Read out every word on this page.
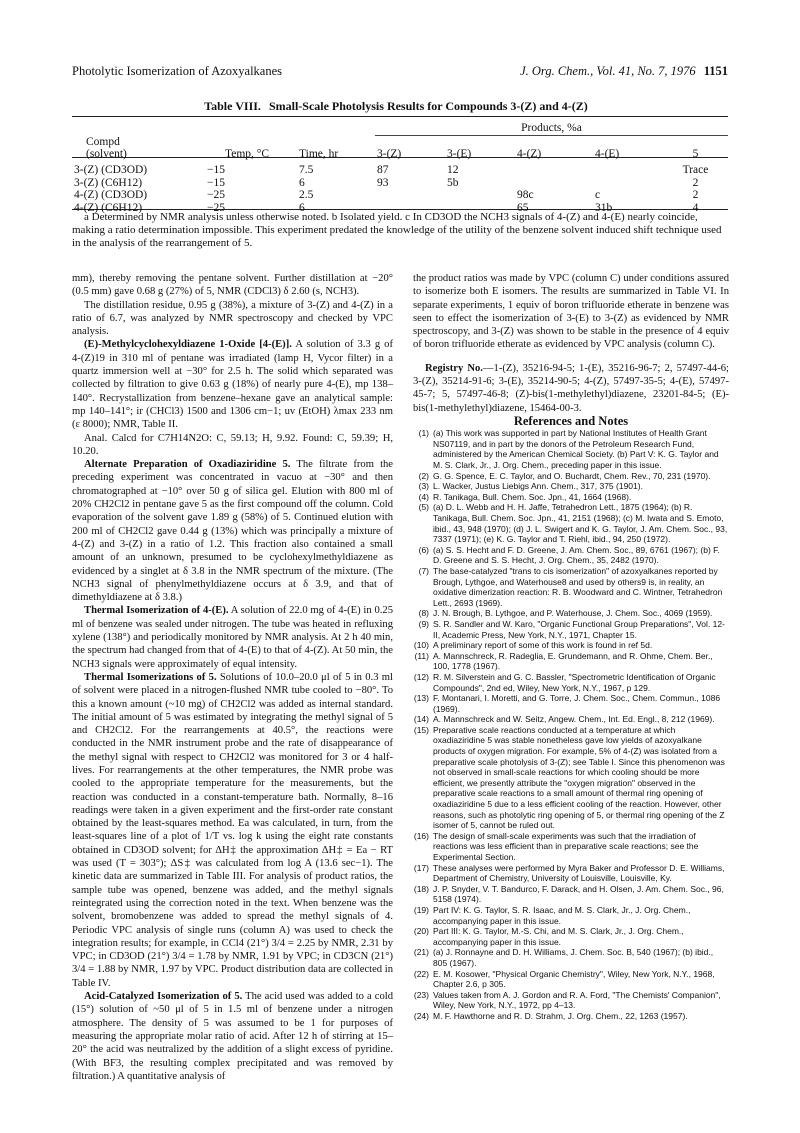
Photolytic Isomerization of Azoxyalkanes	J. Org. Chem., Vol. 41, No. 7, 1976 1151
Table VIII. Small-Scale Photolysis Results for Compounds 3-(Z) and 4-(Z)
			Products, %a				

Compd
(solvent)	Temp, °C	Time, hr	3-(Z)	3-(E)	4-(Z)	4-(E)	5

3-(Z) (CD3OD)	−15	7.5	87	12			Trace
3-(Z) (C6H12)	−15	6	93	5b			2
4-(Z) (CD3OD)	−25	2.5			98c	c	2
4-(Z) (C6H12)	−25	6			65	31b	4
a Determined by NMR analysis unless otherwise noted. b Isolated yield. c In CD3OD the NCH3 signals of 4-(Z) and 4-(E) nearly coincide, making a ratio determination impossible. This experiment predated the knowledge of the utility of the benzene solvent induced shift technique used in the analysis of the rearrangement of 5.

mm), thereby removing the pentane solvent. Further distillation at −20° (0.5 mm) gave 0.68 g (27%) of 5, NMR (CDCl3) δ 2.60 (s, NCH3).

The distillation residue, 0.95 g (38%), a mixture of 3-(Z) and 4-(Z) in a ratio of 6.7, was analyzed by NMR spectroscopy and checked by VPC analysis.

(E)-Methylcyclohexyldiazene 1-Oxide [4-(E)]. A solution of 3.3 g of 4-(Z)19 in 310 ml of pentane was irradiated (lamp H, Vycor filter) in a quartz immersion well at −30° for 2.5 h. The solid which separated was collected by filtration to give 0.63 g (18%) of nearly pure 4-(E), mp 138–140°. Recrystallization from benzene–hexane gave an analytical sample: mp 140–141°; ir (CHCl3) 1500 and 1306 cm−1; uv (EtOH) λmax 233 nm (ε 8000); NMR, Table II.

Anal. Calcd for C7H14N2O: C, 59.13; H, 9.92. Found: C, 59.39; H, 10.20.

Alternate Preparation of Oxadiaziridine 5. The filtrate from the preceding experiment was concentrated in vacuo at −30° and then chromatographed at −10° over 50 g of silica gel. Elution with 800 ml of 20% CH2Cl2 in pentane gave 5 as the first compound off the column. Cold evaporation of the solvent gave 1.89 g (58%) of 5. Continued elution with 200 ml of CH2Cl2 gave 0.44 g (13%) which was principally a mixture of 4-(Z) and 3-(Z) in a ratio of 1.2. This fraction also contained a small amount of an unknown, presumed to be cyclohexylmethyldiazene as evidenced by a singlet at δ 3.8 in the NMR spectrum of the mixture. (The NCH3 signal of phenylmethyldiazene occurs at δ 3.9, and that of dimethyldiazene at δ 3.8.)

Thermal Isomerization of 4-(E). A solution of 22.0 mg of 4-(E) in 0.25 ml of benzene was sealed under nitrogen. The tube was heated in refluxing xylene (138°) and periodically monitored by NMR analysis. At 2 h 40 min, the spectrum had changed from that of 4-(E) to that of 4-(Z). At 50 min, the NCH3 signals were approximately of equal intensity.

Thermal Isomerizations of 5. Solutions of 10.0–20.0 μl of 5 in 0.3 ml of solvent were placed in a nitrogen-flushed NMR tube cooled to −80°. To this a known amount (~10 mg) of CH2Cl2 was added as internal standard. The initial amount of 5 was estimated by integrating the methyl signal of 5 and CH2Cl2. For the rearrangements at 40.5°, the reactions were conducted in the NMR instrument probe and the rate of disappearance of the methyl signal with respect to CH2Cl2 was monitored for 3 or 4 half-lives. For rearrangements at the other temperatures, the NMR probe was cooled to the appropriate temperature for the measurements, but the reaction was conducted in a constant-temperature bath. Normally, 8–16 readings were taken in a given experiment and the first-order rate constant obtained by the least-squares method. Ea was calculated, in turn, from the least-squares line of a plot of 1/T vs. log k using the eight rate constants obtained in CD3OD solvent; for ΔH‡ the approximation ΔH‡ = Ea − RT was used (T = 303°); ΔS‡ was calculated from log A (13.6 sec−1). The kinetic data are summarized in Table III. For analysis of product ratios, the sample tube was opened, benzene was added, and the methyl signals reintegrated using the correction noted in the text. When benzene was the solvent, bromobenzene was added to spread the methyl signals of 4. Periodic VPC analysis of single runs (column A) was used to check the integration results; for example, in CCl4 (21°) 3/4 = 2.25 by NMR, 2.31 by VPC; in CD3OD (21°) 3/4 = 1.78 by NMR, 1.91 by VPC; in CD3CN (21°) 3/4 = 1.88 by NMR, 1.97 by VPC. Product distribution data are collected in Table IV.

Acid-Catalyzed Isomerization of 5. The acid used was added to a cold (15°) solution of ~50 μl of 5 in 1.5 ml of benzene under a nitrogen atmosphere. The density of 5 was assumed to be 1 for purposes of measuring the appropriate molar ratio of acid. After 12 h of stirring at 15–20° the acid was neutralized by the addition of a slight excess of pyridine. (With BF3, the resulting complex precipitated and was removed by filtration.) A quantitative analysis of

the product ratios was made by VPC (column C) under conditions assured to isomerize both E isomers. The results are summarized in Table VI. In separate experiments, 1 equiv of boron trifluoride etherate in benzene was seen to effect the isomerization of 3-(E) to 3-(Z) as evidenced by NMR spectroscopy, and 3-(Z) was shown to be stable in the presence of 4 equiv of boron trifluoride etherate as evidenced by VPC analysis (column C).

Registry No.—1-(Z), 35216-94-5; 1-(E), 35216-96-7; 2, 57497-44-6; 3-(Z), 35214-91-6; 3-(E), 35214-90-5; 4-(Z), 57497-35-5; 4-(E), 57497-45-7; 5, 57497-46-8; (Z)-bis(1-methylethyl)diazene, 23201-84-5; (E)-bis(1-methylethyl)diazene, 15464-00-3.

References and Notes

(1) (a) This work was supported in part by National Institutes of Health Grant NS07119, and in part by the donors of the Petroleum Research Fund, administered by the American Chemical Society. (b) Part V: K. G. Taylor and M. S. Clark, Jr., J. Org. Chem., preceding paper in this issue.
(2) G. G. Spence, E. C. Taylor, and O. Buchardt, Chem. Rev., 70, 231 (1970).
(3) L. Wacker, Justus Liebigs Ann. Chem., 317, 375 (1901).
(4) R. Tanikaga, Bull. Chem. Soc. Jpn., 41, 1664 (1968).
(5) (a) D. L. Webb and H. H. Jaffe, Tetrahedron Lett., 1875 (1964); (b) R. Tanikaga, Bull. Chem. Soc. Jpn., 41, 2151 (1968); (c) M. Iwata and S. Emoto, ibid., 43, 948 (1970); (d) J. L. Swigert and K. G. Taylor, J. Am. Chem. Soc., 93, 7337 (1971); (e) K. G. Taylor and T. Riehl, ibid., 94, 250 (1972).
(6) (a) S. S. Hecht and F. D. Greene, J. Am. Chem. Soc., 89, 6761 (1967); (b) F. D. Greene and S. S. Hecht, J. Org. Chem., 35, 2482 (1970).
(7) The base-catalyzed "trans to cis isomerization" of azoxyalkanes reported by Brough, Lythgoe, and Waterhouse8 and used by others9 is, in reality, an oxidative dimerization reaction: R. B. Woodward and C. Wintner, Tetrahedron Lett., 2693 (1969).
(8) J. N. Brough, B. Lythgoe, and P. Waterhouse, J. Chem. Soc., 4069 (1959).
(9) S. R. Sandler and W. Karo, "Organic Functional Group Preparations", Vol. 12-II, Academic Press, New York, N.Y., 1971, Chapter 15.
(10) A preliminary report of some of this work is found in ref 5d.
(11) A. Mannschreck, R. Radeglia, E. Grundemann, and R. Ohme, Chem. Ber., 100, 1778 (1967).
(12) R. M. Silverstein and G. C. Bassler, "Spectrometric Identification of Organic Compounds", 2nd ed, Wiley, New York, N.Y., 1967, p 129.
(13) F. Montanari, I. Moretti, and G. Torre, J. Chem. Soc., Chem. Commun., 1086 (1969).
(14) A. Mannschreck and W. Seitz, Angew. Chem., Int. Ed. Engl., 8, 212 (1969).
(15) Preparative scale reactions conducted at a temperature at which oxadiaziridine 5 was stable nonetheless gave low yields of azoxyalkane products of oxygen migration. For example, 5% of 4-(Z) was isolated from a preparative scale photolysis of 3-(Z); see Table I. Since this phenomenon was not observed in small-scale reactions for which cooling should be more efficient, we presently attribute the "oxygen migration" observed in the preparative scale reactions to a small amount of thermal ring opening of oxadiaziridine 5 due to a less efficient cooling of the reaction. However, other reasons, such as photolytic ring opening of 5, or thermal ring opening of the Z isomer of 5, cannot be ruled out.
(16) The design of small-scale experiments was such that the irradiation of reactions was less efficient than in preparative scale reactions; see the Experimental Section.
(17) These analyses were performed by Myra Baker and Professor D. E. Williams, Department of Chemistry, University of Louisville, Louisville, Ky.
(18) J. P. Snyder, V. T. Bandurco, F. Darack, and H. Olsen, J. Am. Chem. Soc., 96, 5158 (1974).
(19) Part IV: K. G. Taylor, S. R. Isaac, and M. S. Clark, Jr., J. Org. Chem., accompanying paper in this issue.
(20) Part III: K. G. Taylor, M.-S. Chi, and M. S. Clark, Jr., J. Org. Chem., accompanying paper in this issue.
(21) (a) J. Ronnayne and D. H. Williams, J. Chem. Soc. B, 540 (1967); (b) ibid., 805 (1967).
(22) E. M. Kosower, "Physical Organic Chemistry", Wiley, New York, N.Y., 1968, Chapter 2.6, p 305.
(23) Values taken from A. J. Gordon and R. A. Ford, "The Chemists' Companion", Wiley, New York, N.Y., 1972, pp 4–13.
(24) M. F. Hawthorne and R. D. Strahm, J. Org. Chem., 22, 1263 (1957).
